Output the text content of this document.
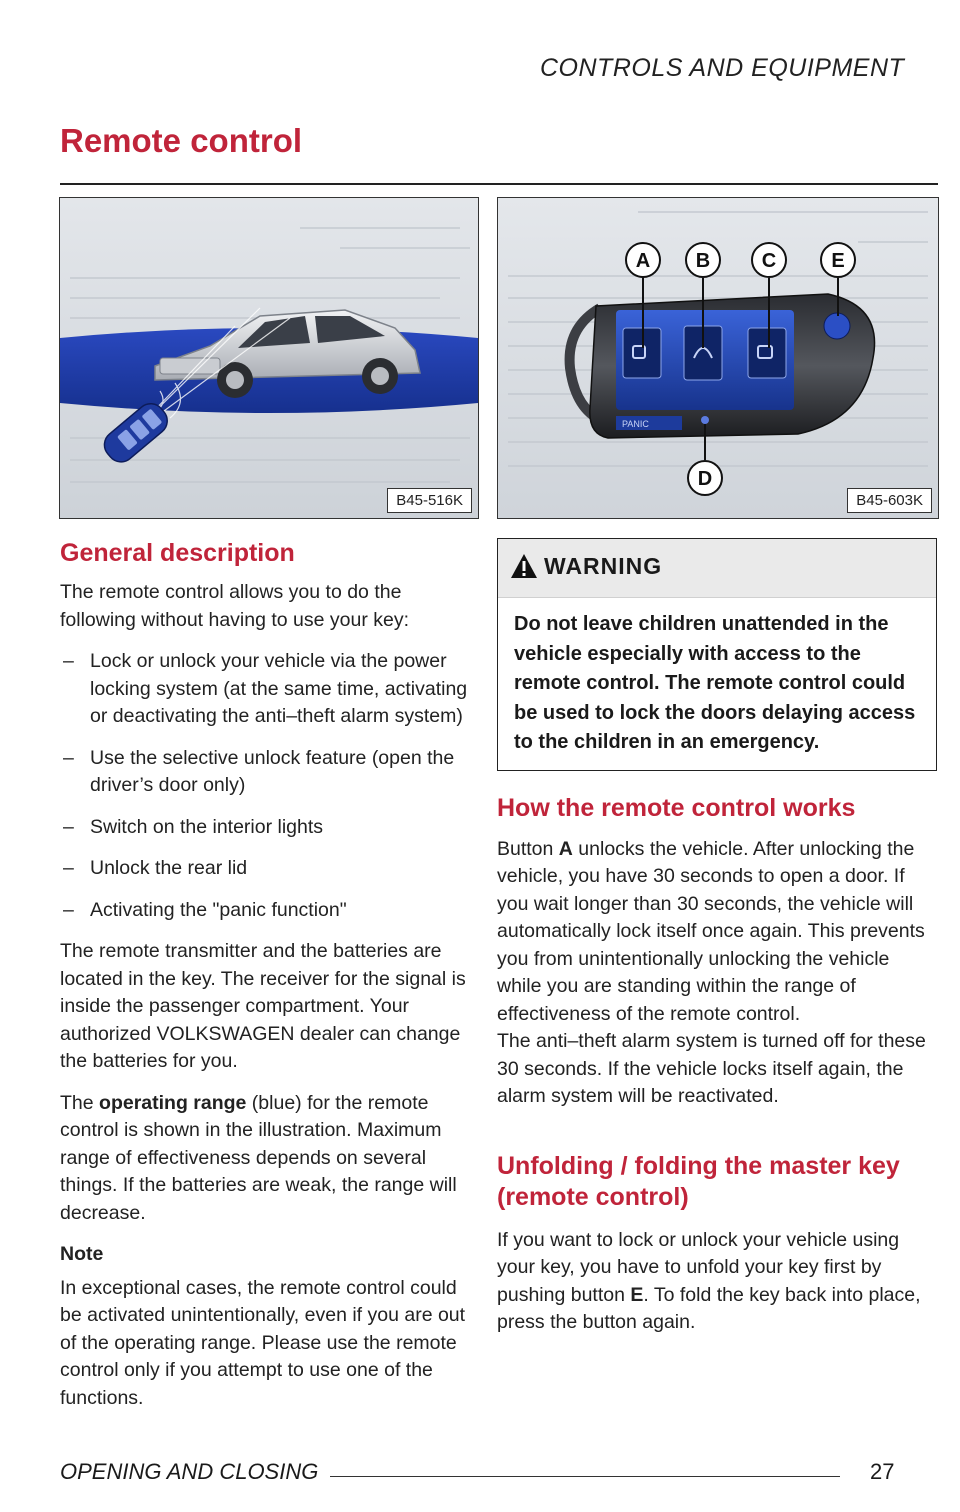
CONTROLS AND EQUIPMENT
Remote control
B45-516K
PANIC
A B	C
D
E
B45-603K
General description

The remote control allows you to do the following without having to use your key:

– Lock or unlock your vehicle via the power locking system (at the same time, activating or deactivating the anti–theft alarm system)
– Use the selective unlock feature (open the driver’s door only)
– Switch on the interior lights
– Unlock the rear lid
– Activating the "panic function"

The remote transmitter and the batteries are located in the key. The receiver for the signal is inside the passenger compartment. Your authorized VOLKSWAGEN dealer can change the batteries for you.

The operating range (blue) for the remote control is shown in the illustration. Maximum range of effectiveness depends on several things. If the batteries are weak, the range will decrease.

Note

In exceptional cases, the remote control could be activated unintentionally, even if you are out of the operating range. Please use the remote control only if you attempt to use one of the functions.

WARNING
Do not leave children unattended in the vehicle especially with access to the remote control. The remote control could be used to lock the doors delaying access to the children in an emergency.
How the remote control works

Button A unlocks the vehicle. After unlocking the vehicle, you have 30 seconds to open a door. If you wait longer than 30 seconds, the vehicle will automatically lock itself once again. This prevents you from unintentionally unlocking the vehicle while you are standing within the range of effectiveness of the remote control.

The anti–theft alarm system is turned off for these 30 seconds. If the vehicle locks itself again, the alarm system will be reactivated.

Unfolding / folding the master key (remote control)

If you want to lock or unlock your vehicle using your key, you have to unfold your key first by pushing button E. To fold the key back into place, press the button again.

OPENING AND CLOSING	27
